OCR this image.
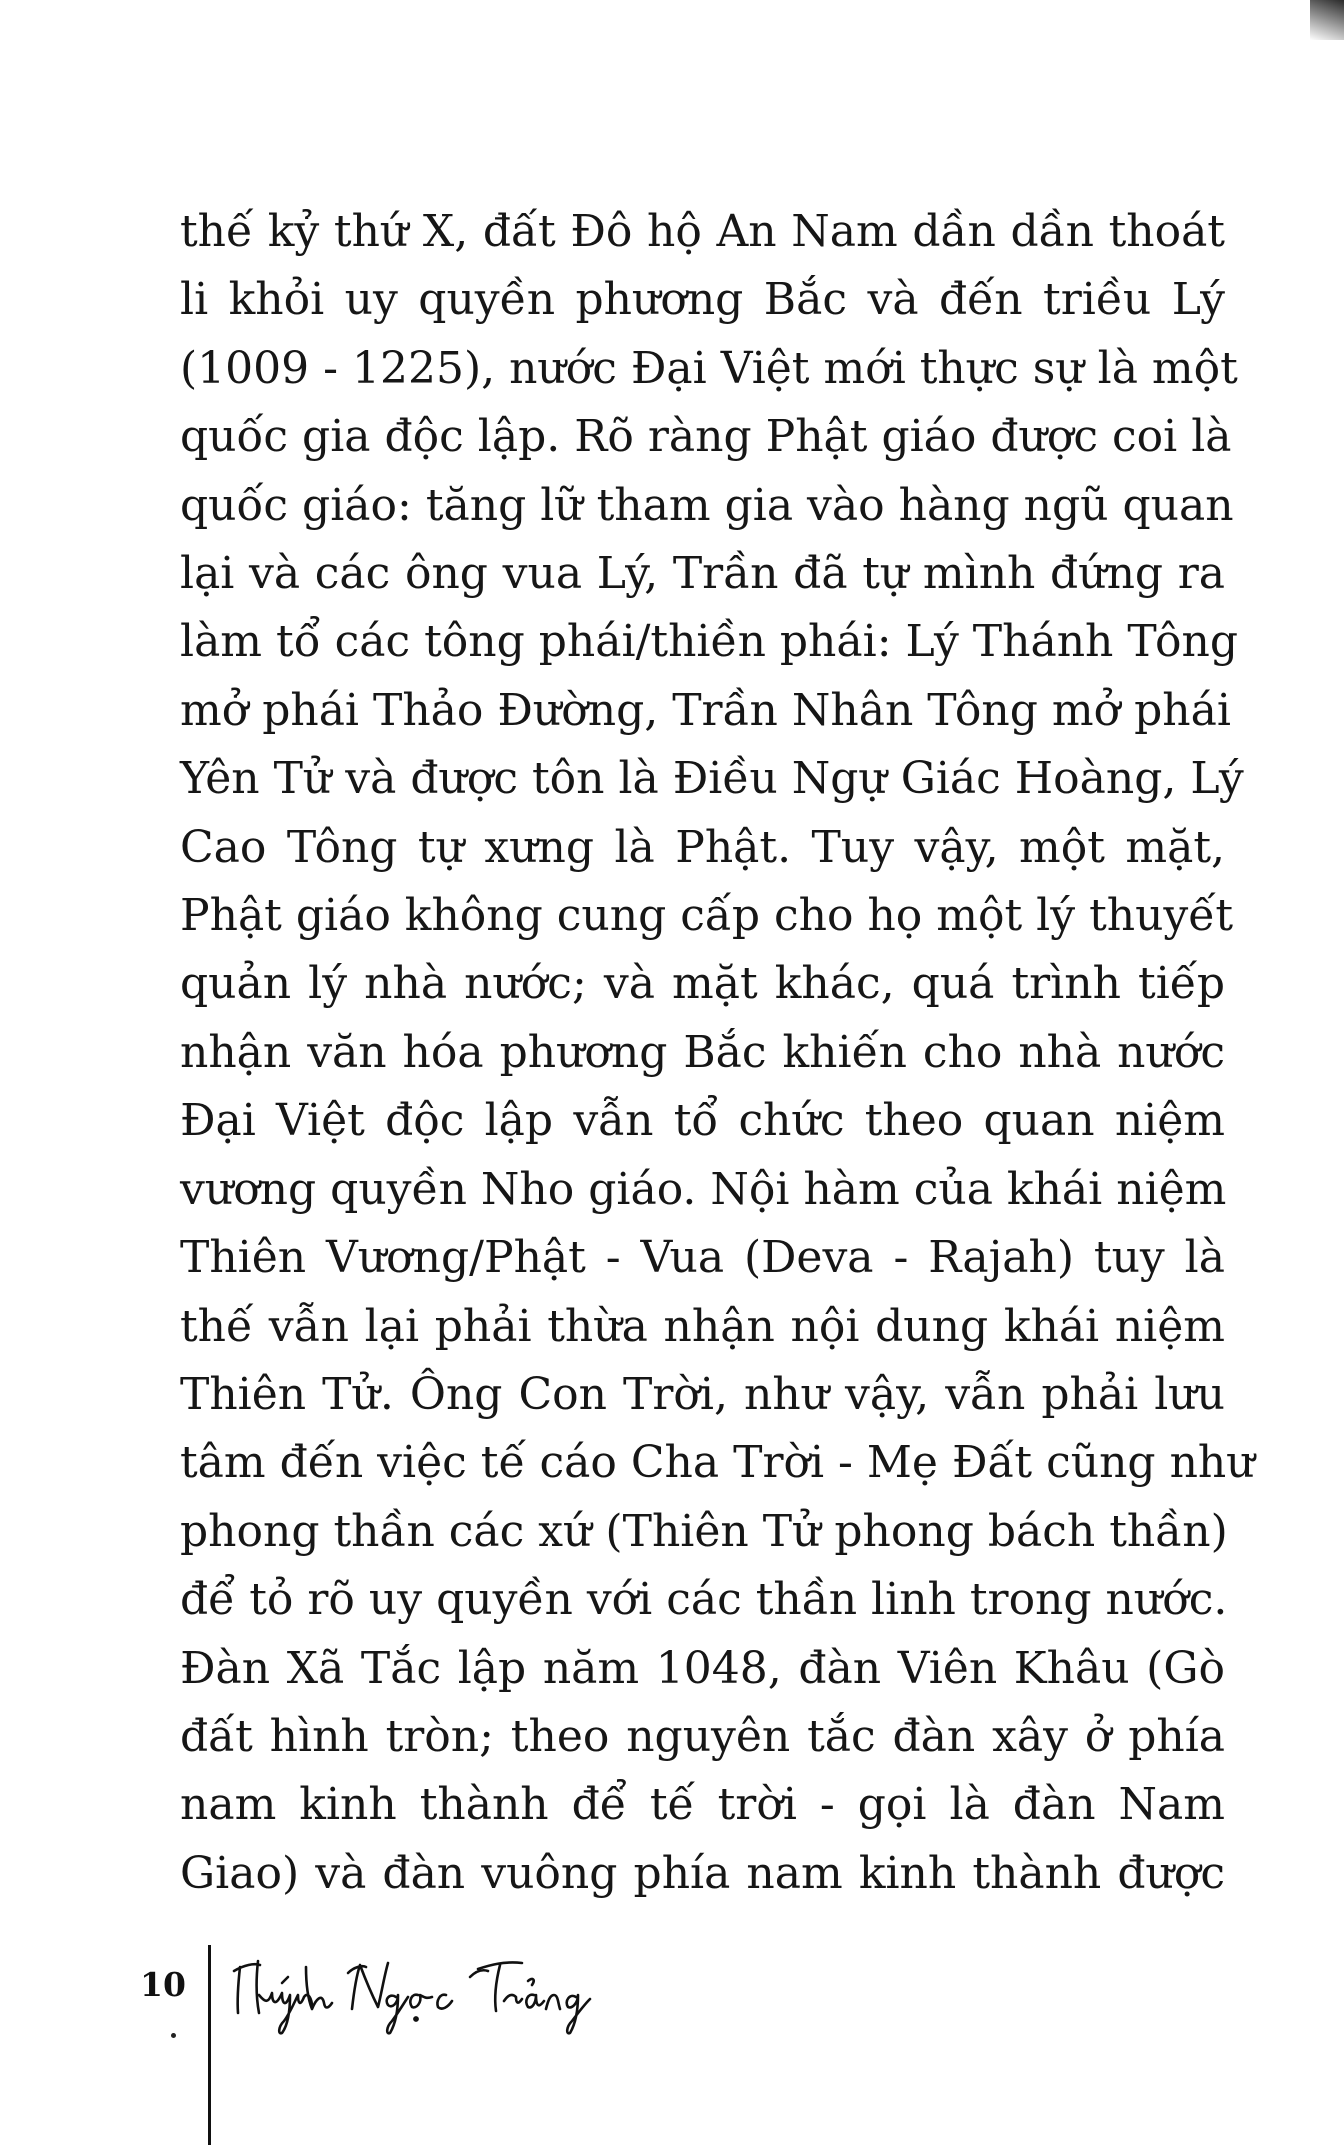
thế kỷ thứ X, đất Đô hộ An Nam dần dần thoát
li khỏi uy quyền phương Bắc và đến triều Lý
(1009 - 1225), nước Đại Việt mới thực sự là một
quốc gia độc lập. Rõ ràng Phật giáo được coi là
quốc giáo: tăng lữ tham gia vào hàng ngũ quan
lại và các ông vua Lý, Trần đã tự mình đứng ra
làm tổ các tông phái/thiền phái: Lý Thánh Tông
mở phái Thảo Đường, Trần Nhân Tông mở phái
Yên Tử và được tôn là Điều Ngự Giác Hoàng, Lý
Cao Tông tự xưng là Phật. Tuy vậy, một mặt,
Phật giáo không cung cấp cho họ một lý thuyết
quản lý nhà nước; và mặt khác, quá trình tiếp
nhận văn hóa phương Bắc khiến cho nhà nước
Đại Việt độc lập vẫn tổ chức theo quan niệm
vương quyền Nho giáo. Nội hàm của khái niệm
Thiên Vương/Phật - Vua (Deva - Rajah) tuy là
thế vẫn lại phải thừa nhận nội dung khái niệm
Thiên Tử. Ông Con Trời, như vậy, vẫn phải lưu
tâm đến việc tế cáo Cha Trời - Mẹ Đất cũng như
phong thần các xứ (Thiên Tử phong bách thần)
để tỏ rõ uy quyền với các thần linh trong nước.
Đàn Xã Tắc lập năm 1048, đàn Viên Khâu (Gò
đất hình tròn; theo nguyên tắc đàn xây ở phía
nam kinh thành để tế trời - gọi là đàn Nam
Giao) và đàn vuông phía nam kinh thành được
10
